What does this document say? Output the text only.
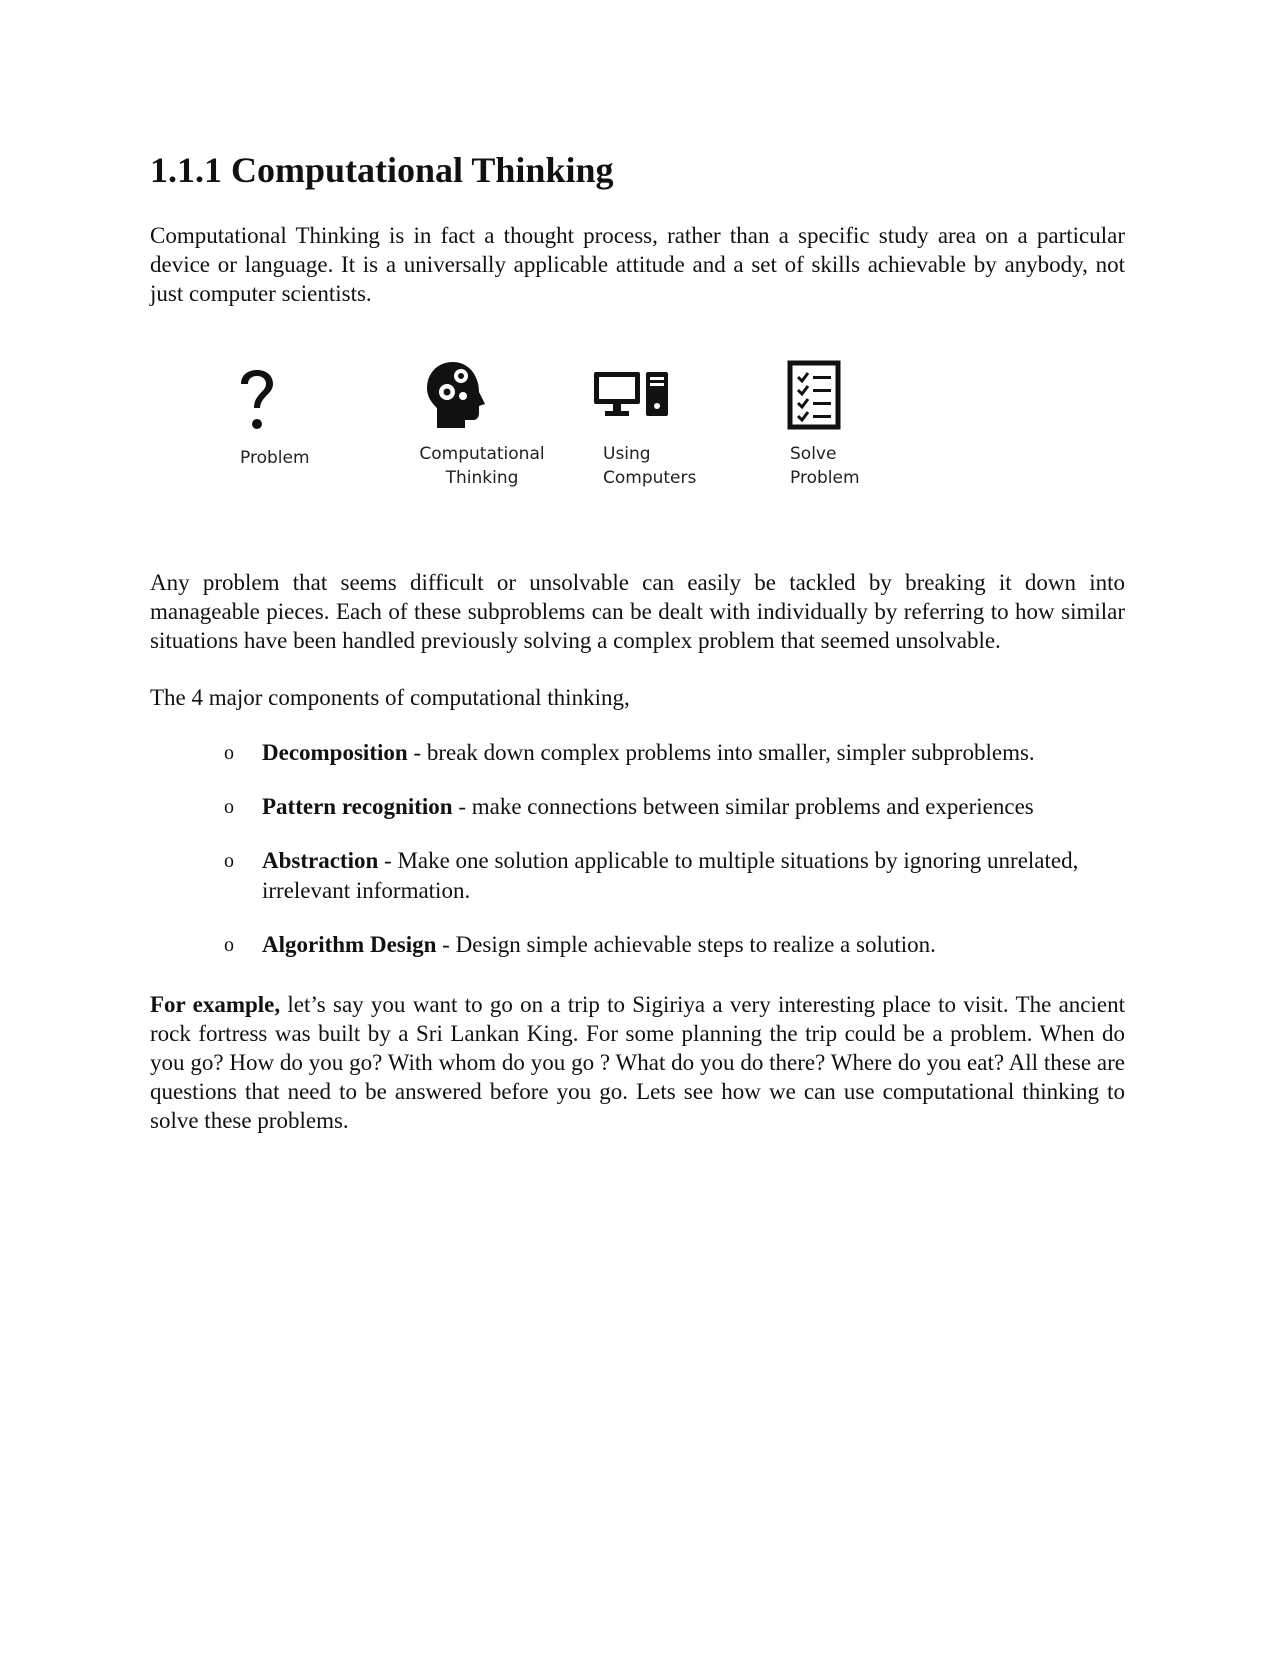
1.1.1 Computational Thinking

Computational Thinking is in fact a thought process, rather than a specific study area on a particular device or language. It is a universally applicable attitude and a set of skills achievable by anybody, not just computer scientists.

Problem	Computational
Thinking
Using
Computers
Solve
Problem

Any problem that seems difficult or unsolvable can easily be tackled by breaking it down into manageable pieces. Each of these subproblems can be dealt with individually by referring to how similar situations have been handled previously solving a complex problem that seemed unsolvable.

The 4 major components of computational thinking,

o Decomposition - break down complex problems into smaller, simpler subproblems.
o Pattern recognition - make connections between similar problems and experiences
o Abstraction - Make one solution applicable to multiple situations by ignoring unrelated, irrelevant information.
o Algorithm Design - Design simple achievable steps to realize a solution.

For example, let’s say you want to go on a trip to Sigiriya a very interesting place to visit. The ancient rock fortress was built by a Sri Lankan King. For some planning the trip could be a problem. When do you go? How do you go? With whom do you go ? What do you do there? Where do you eat? All these are questions that need to be answered before you go. Lets see how we can use computational thinking to solve these problems.
